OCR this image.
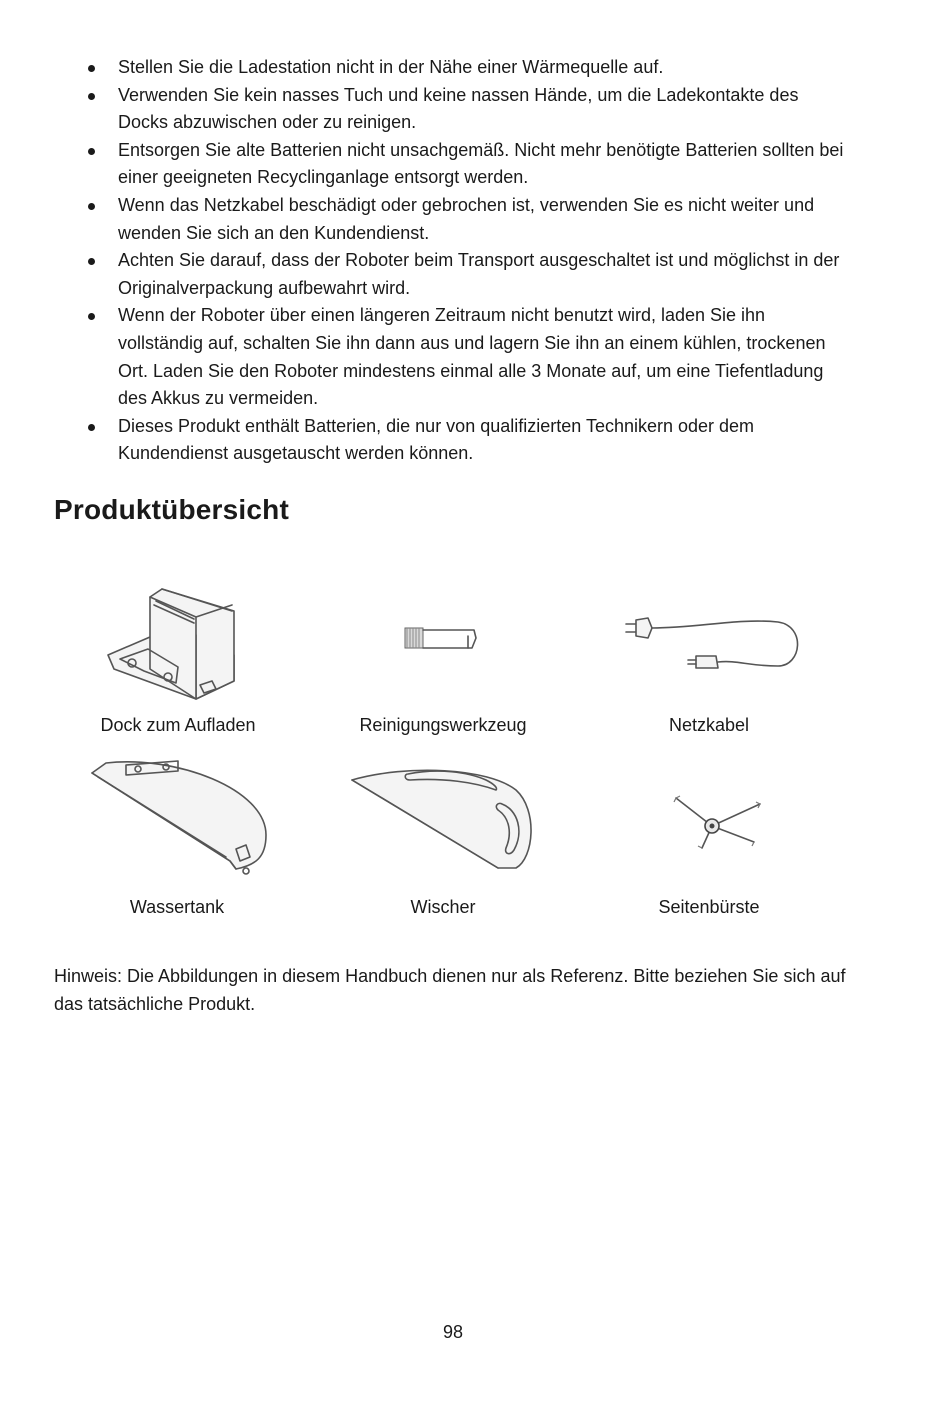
Stellen Sie die Ladestation nicht in der Nähe einer Wärmequelle auf.
Verwenden Sie kein nasses Tuch und keine nassen Hände, um die Ladekontakte des Docks abzuwischen oder zu reinigen.
Entsorgen Sie alte Batterien nicht unsachgemäß. Nicht mehr benötigte Batterien sollten bei einer geeigneten Recyclinganlage entsorgt werden.
Wenn das Netzkabel beschädigt oder gebrochen ist, verwenden Sie es nicht weiter und wenden Sie sich an den Kundendienst.
Achten Sie darauf, dass der Roboter beim Transport ausgeschaltet ist und möglichst in der Originalverpackung aufbewahrt wird.
Wenn der Roboter über einen längeren Zeitraum nicht benutzt wird, laden Sie ihn vollständig auf, schalten Sie ihn dann aus und lagern Sie ihn an einem kühlen, trockenen Ort. Laden Sie den Roboter mindestens einmal alle 3 Monate auf, um eine Tiefentladung des Akkus zu vermeiden.
Dieses Produkt enthält Batterien, die nur von qualifizierten Technikern oder dem Kundendienst ausgetauscht werden können.
Produktübersicht
Dock zum Aufladen	Reinigungswerkzeug	Netzkabel
Wassertank	Wischer	Seitenbürste

Hinweis: Die Abbildungen in diesem Handbuch dienen nur als Referenz. Bitte beziehen Sie sich auf das tatsächliche Produkt.

98
